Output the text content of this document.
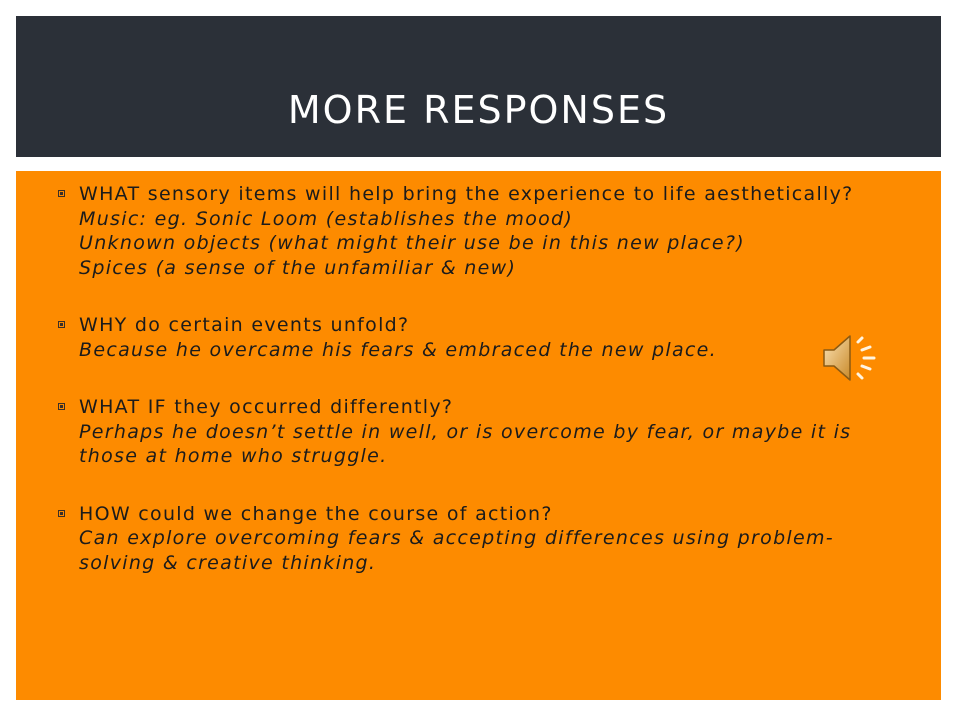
MORE RESPONSES
WHAT sensory items will help bring the experience to life aesthetically?
Music: eg. Sonic Loom (establishes the mood)
Unknown objects (what might their use be in this new place?)
Spices (a sense of the unfamiliar & new)
WHY do certain events unfold?
Because he overcame his fears & embraced the new place.
WHAT IF they occurred differently?
Perhaps he doesn’t settle in well, or is overcome by fear, or maybe it is those at home who struggle.
HOW could we change the course of action?
Can explore overcoming fears & accepting differences using problem-solving & creative thinking.
